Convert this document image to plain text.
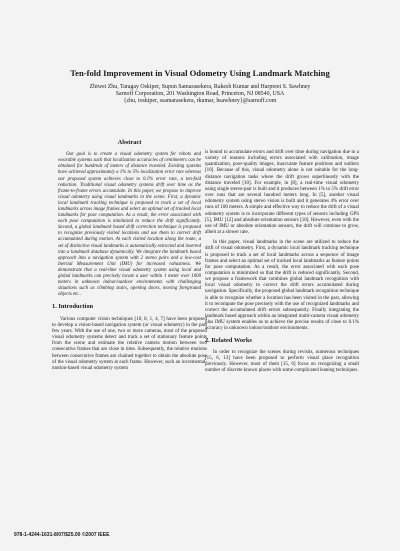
Ten-fold Improvement in Visual Odometry Using Landmark Matching
Zhiwei Zhu, Taragay Oskiper, Supun Samarasekera, Rakesh Kumar and Harpreet S. Sawhney
Sarnoff Corporation, 201 Washington Road, Princeton, NJ 08540, USA
{zhu, toskiper, ssamarasekera, rkumar, hsawhney}@sarnoff.com
Abstract

Our goal is to create a visual odometry system for robots and wearable systems such that localization accuracies of centimeters can be obtained for hundreds of meters of distance traveled. Existing systems have achieved approximately a 1% to 5% localization error rate whereas our proposed system achieves close to 0.1% error rate, a ten-fold reduction. Traditional visual odometry systems drift over time as the frame-to-frame errors accumulate. In this paper, we propose to improve visual odometry using visual landmarks in the scene. First, a dynamic local landmark tracking technique is proposed to track a set of local landmarks across image frames and select an optimal set of tracked local landmarks for pose computation. As a result, the error associated with each pose computation is minimized to reduce the drift significantly. Second, a global landmark based drift correction technique is proposed to recognize previously visited locations and use them to correct drift accumulated during motion. At each visited location along the route, a set of distinctive visual landmarks is automatically extracted and inserted into a landmark database dynamically. We integrate the landmark based approach into a navigation system with 2 stereo pairs and a low-cost Inertial Measurement Unit (IMU) for increased robustness. We demonstrate that a real-time visual odometry system using local and global landmarks can precisely locate a user within 1 meter over 1000 meters in unknown indoor/outdoor environments with challenging situations such as climbing stairs, opening doors, moving foreground objects etc..

1. Introduction

Various computer vision techniques [10, 8, 1, 4, 7] have been proposed to develop a vision-based navigation system (or visual odometry) in the past few years. With the use of one, two or more cameras, most of the proposed visual odometry systems detect and track a set of stationary feature points from the scene and estimate the relative camera motion between two consecutive frames that are close in time. Subsequently, the relative motions between consecutive frames are chained together to obtain the absolute pose of the visual odometry system at each frame. However, such an incremental-motion-based visual odometry system

is bound to accumulate errors and drift over time during navigation due to a variety of reasons including errors associated with calibration, image quantization, poor-quality images, inaccurate feature positions and outliers [10]. Because of this, visual odometry alone is not suitable for the long-distance navigation tasks where the drift grows superlinearly with the distance traveled [10]. For example, in [8], a real-time visual odometry using single stereo-pair is built and it produces between 1% to 5% drift error over runs that are several hundred meters long. In [5], another visual odometry system using stereo vision is built and it generates 4% error over runs of 100 meters. A simple and effective way to reduce the drift of a visual odometry system is to incorporate different types of sensors including GPS [5], IMU [12] and absolute orientation sensors [10]. However, even with the use of IMU or absolute orientation sensors, the drift will continue to grow, albeit at a slower rate.

In this paper, visual landmarks in the scene are utilized to reduce the drift of visual odometry. First, a dynamic local landmark tracking technique is proposed to track a set of local landmarks across a sequence of image frames and select an optimal set of tracked local landmarks as feature points for pose computation. As a result, the error associated with each pose computation is minimized so that the drift is reduced significantly. Second, we propose a framework that combines global landmark recognition with local visual odometry to correct the drift errors accumulated during navigation. Specifically, the proposed global landmark recognition technique is able to recognize whether a location has been visited in the past, allowing it to recompute the pose precisely with the use of recognized landmarks and correct the accumulated drift errors subsequently. Finally integrating the landmark based approach within an integrated multi-camera visual odometry plus IMU system enables us to achieve the precise results of close to 0.1% accuracy in unknown indoor/outdoor environments.

2. Related Works

In order to recognize the scenes during revisits, numerous techniques [15, 6, 13] have been proposed to perform visual place recognition previously. However, most of them [15, 6] focus on recognizing a small number of discrete known places with some complicated leaning techniques.

978-1-4244-1631-8/07/$25.00 ©2007 IEEE
